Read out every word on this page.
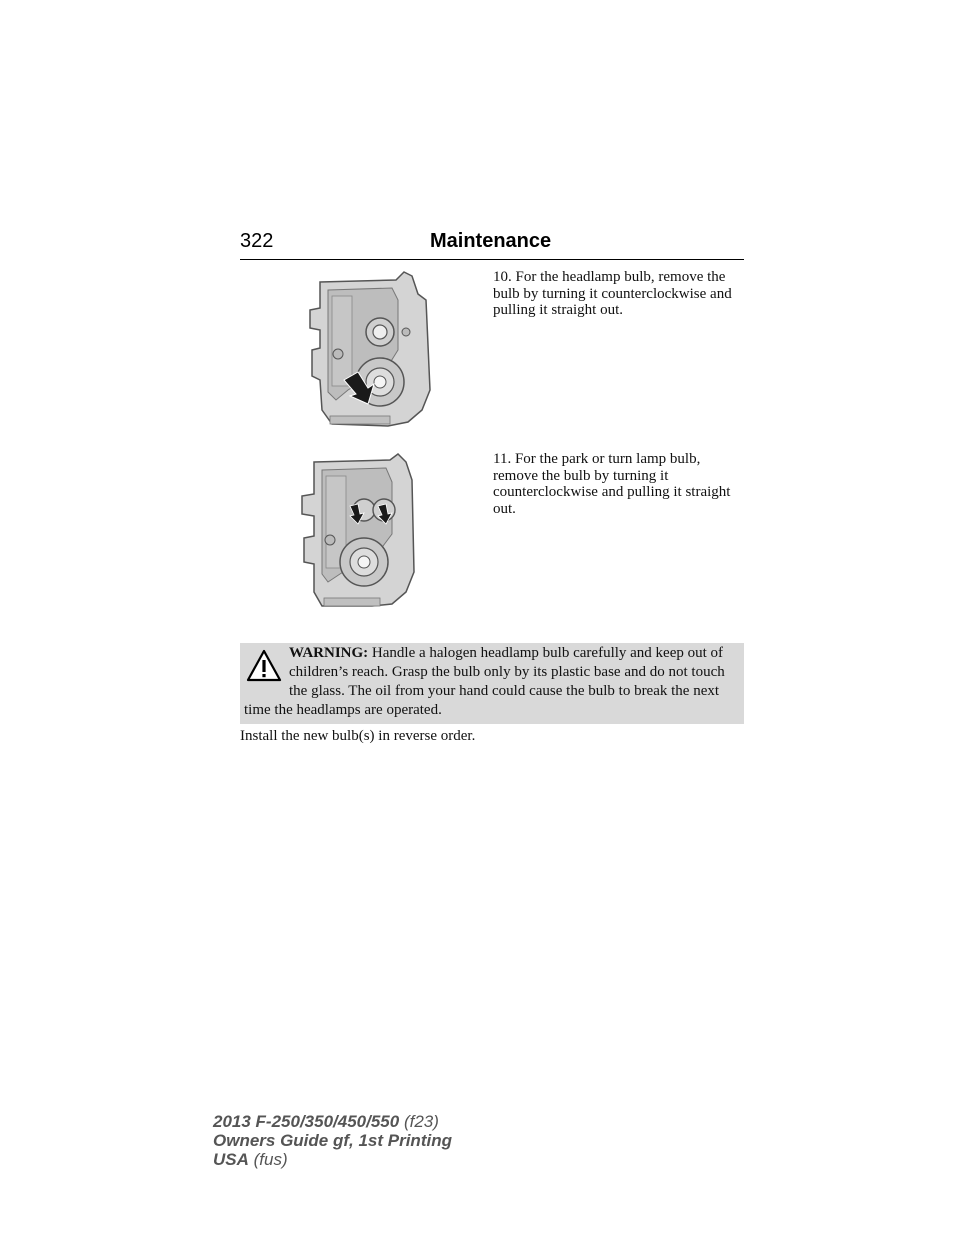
322	Maintenance
10. For the headlamp bulb, remove the bulb by turning it counterclockwise and pulling it straight out.
11. For the park or turn lamp bulb, remove the bulb by turning it counterclockwise and pulling it straight out.
WARNING: Handle a halogen headlamp bulb carefully and keep out of children’s reach. Grasp the bulb only by its plastic base and do not touch the glass. The oil from your hand could cause the bulb to break the next time the headlamps are operated.
Install the new bulb(s) in reverse order.
2013 F-250/350/450/550 (f23)
Owners Guide gf, 1st Printing
USA (fus)
